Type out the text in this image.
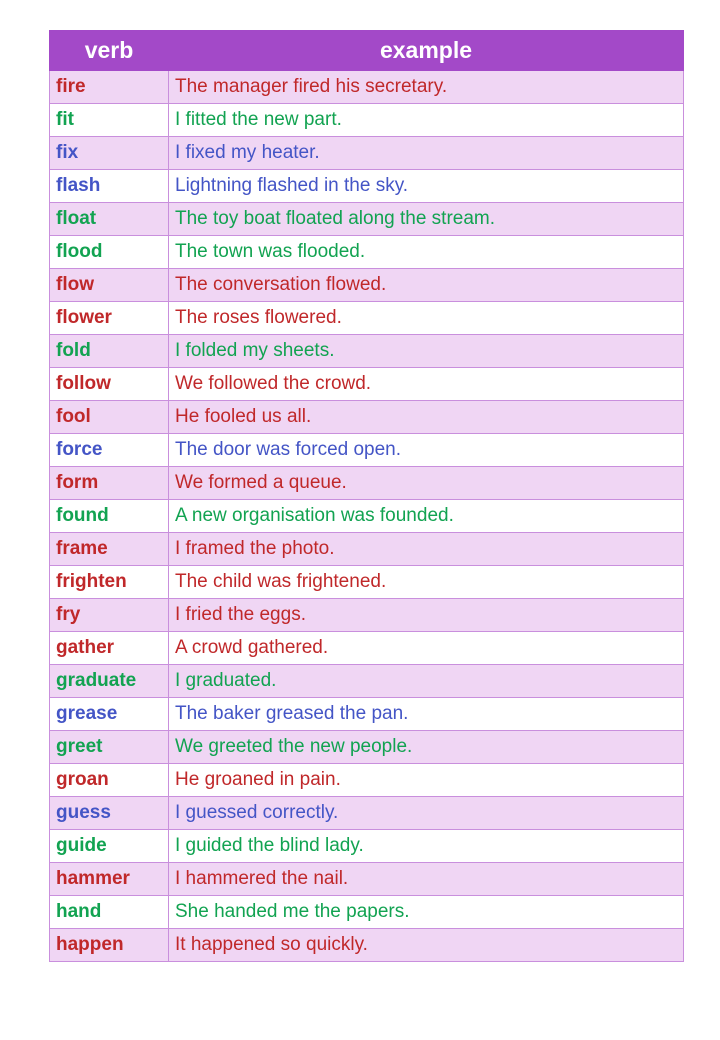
verb	example
fire	The manager fired his secretary.
fit	I fitted the new part.
fix	I fixed my heater.
flash	Lightning flashed in the sky.
float	The toy boat floated along the stream.
flood	The town was flooded.
flow	The conversation flowed.
flower	The roses flowered.
fold	I folded my sheets.
follow	We followed the crowd.
fool	He fooled us all.
force	The door was forced open.
form	We formed a queue.
found	A new organisation was founded.
frame	I framed the photo.
frighten	The child was frightened.
fry	I fried the eggs.
gather	A crowd gathered.
graduate	I graduated.
grease	The baker greased the pan.
greet	We greeted the new people.
groan	He groaned in pain.
guess	I guessed correctly.
guide	I guided the blind lady.
hammer	I hammered the nail.
hand	She handed me the papers.
happen	It happened so quickly.
